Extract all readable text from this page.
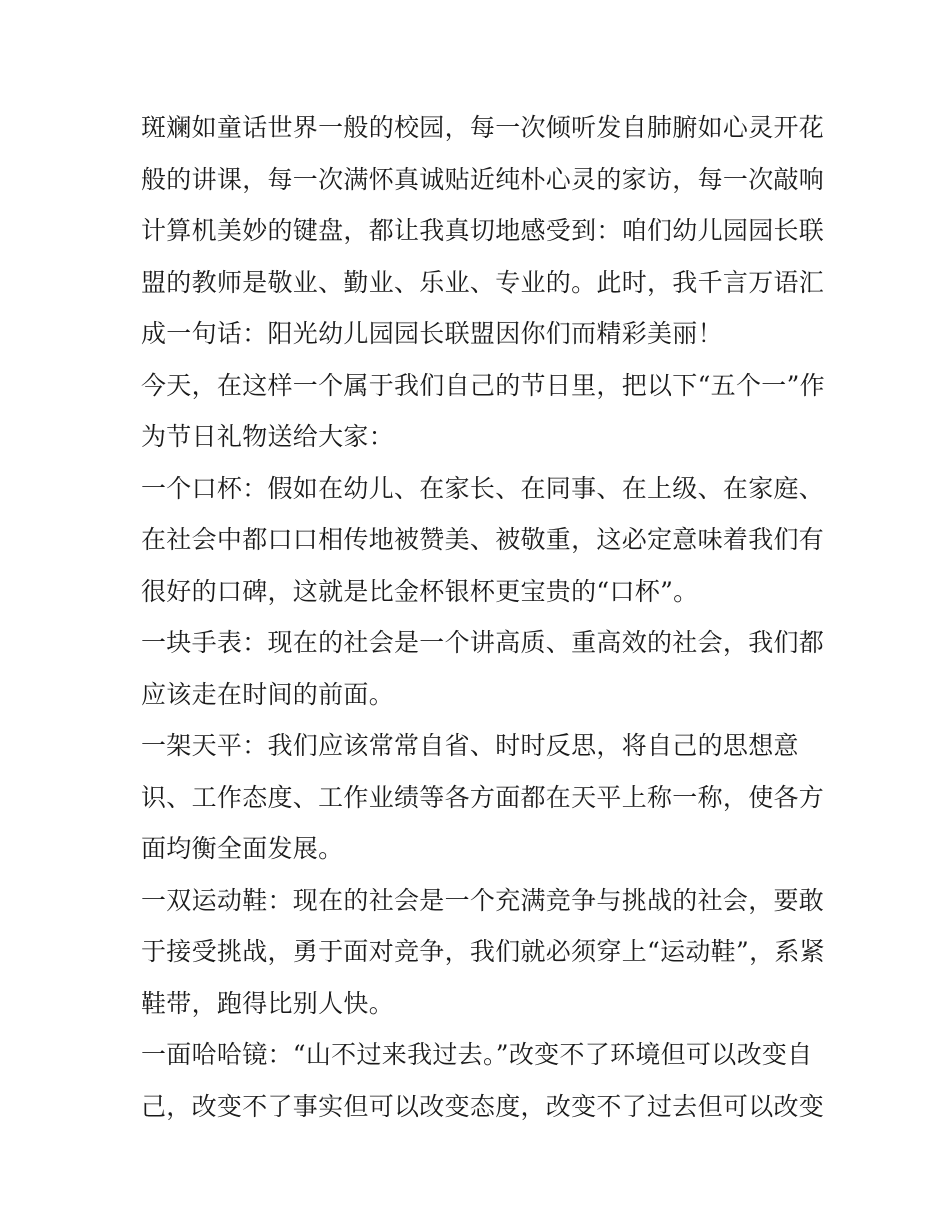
斑斓如童话世界一般的校园，每一次倾听发自肺腑如心灵开花

般的讲课，每一次满怀真诚贴近纯朴心灵的家访，每一次敲响

计算机美妙的键盘，都让我真切地感受到：咱们幼儿园园长联

盟的教师是敬业、勤业、乐业、专业的。此时，我千言万语汇

成一句话：阳光幼儿园园长联盟因你们而精彩美丽！

今天，在这样一个属于我们自己的节日里，把以下“五个一”作

为节日礼物送给大家：

一个口杯：假如在幼儿、在家长、在同事、在上级、在家庭、

在社会中都口口相传地被赞美、被敬重，这必定意味着我们有

很好的口碑，这就是比金杯银杯更宝贵的“口杯”。

一块手表：现在的社会是一个讲高质、重高效的社会，我们都

应该走在时间的前面。

一架天平：我们应该常常自省、时时反思，将自己的思想意

识、工作态度、工作业绩等各方面都在天平上称一称，使各方

面均衡全面发展。

一双运动鞋：现在的社会是一个充满竞争与挑战的社会，要敢

于接受挑战，勇于面对竞争，我们就必须穿上“运动鞋”，系紧

鞋带，跑得比别人快。

一面哈哈镜：“山不过来我过去。”改变不了环境但可以改变自

己，改变不了事实但可以改变态度，改变不了过去但可以改变
